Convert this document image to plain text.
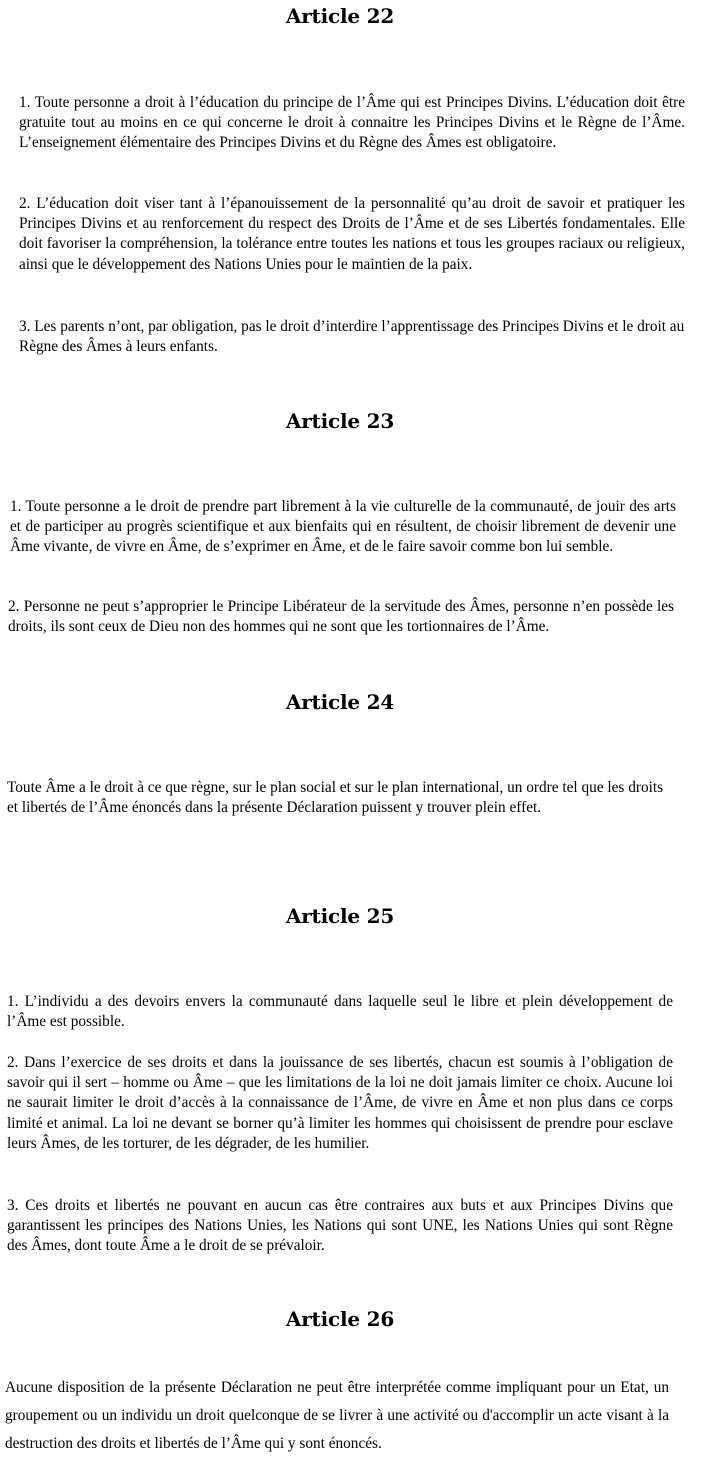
Article 22

1. Toute personne a droit à l’éducation du principe de l’Âme qui est Principes Divins. L’éducation doit être gratuite tout au moins en ce qui concerne le droit à connaitre les Principes Divins et le Règne de l’Âme. L’enseignement élémentaire des Principes Divins et du Règne des Âmes est obligatoire.

2. L’éducation doit viser tant à l’épanouissement de la personnalité qu’au droit de savoir et pratiquer les Principes Divins et au renforcement du respect des Droits de l’Âme et de ses Libertés fondamentales. Elle doit favoriser la compréhension, la tolérance entre toutes les nations et tous les groupes raciaux ou religieux, ainsi que le développement des Nations Unies pour le maintien de la paix.

3. Les parents n’ont, par obligation, pas le droit d’interdire l’apprentissage des Principes Divins et le droit au Règne des Âmes à leurs enfants.

Article 23

1. Toute personne a le droit de prendre part librement à la vie culturelle de la communauté, de jouir des arts et de participer au progrès scientifique et aux bienfaits qui en résultent, de choisir librement de devenir une Âme vivante, de vivre en Âme, de s’exprimer en Âme, et de le faire savoir comme bon lui semble.

2. Personne ne peut s’approprier le Principe Libérateur de la servitude des Âmes, personne n’en possède les droits, ils sont ceux de Dieu non des hommes qui ne sont que les tortionnaires de l’Âme.

Article 24

Toute Âme a le droit à ce que règne, sur le plan social et sur le plan international, un ordre tel que les droits et libertés de l’Âme énoncés dans la présente Déclaration puissent y trouver plein effet.

Article 25

1. L’individu a des devoirs envers la communauté dans laquelle seul le libre et plein développement de l’Âme est possible.

2. Dans l’exercice de ses droits et dans la jouissance de ses libertés, chacun est soumis à l’obligation de savoir qui il sert – homme ou Âme – que les limitations de la loi ne doit jamais limiter ce choix. Aucune loi ne saurait limiter le droit d’accès à la connaissance de l’Âme, de vivre en Âme et non plus dans ce corps limité et animal. La loi ne devant se borner qu’à limiter les hommes qui choisissent de prendre pour esclave leurs Âmes, de les torturer, de les dégrader, de les humilier.

3. Ces droits et libertés ne pouvant en aucun cas être contraires aux buts et aux Principes Divins que garantissent les principes des Nations Unies, les Nations qui sont UNE, les Nations Unies qui sont Règne des Âmes, dont toute Âme a le droit de se prévaloir.

Article 26

Aucune disposition de la présente Déclaration ne peut être interprétée comme impliquant pour un Etat, un groupement ou un individu un droit quelconque de se livrer à une activité ou d'accomplir un acte visant à la destruction des droits et libertés de l’Âme qui y sont énoncés.
